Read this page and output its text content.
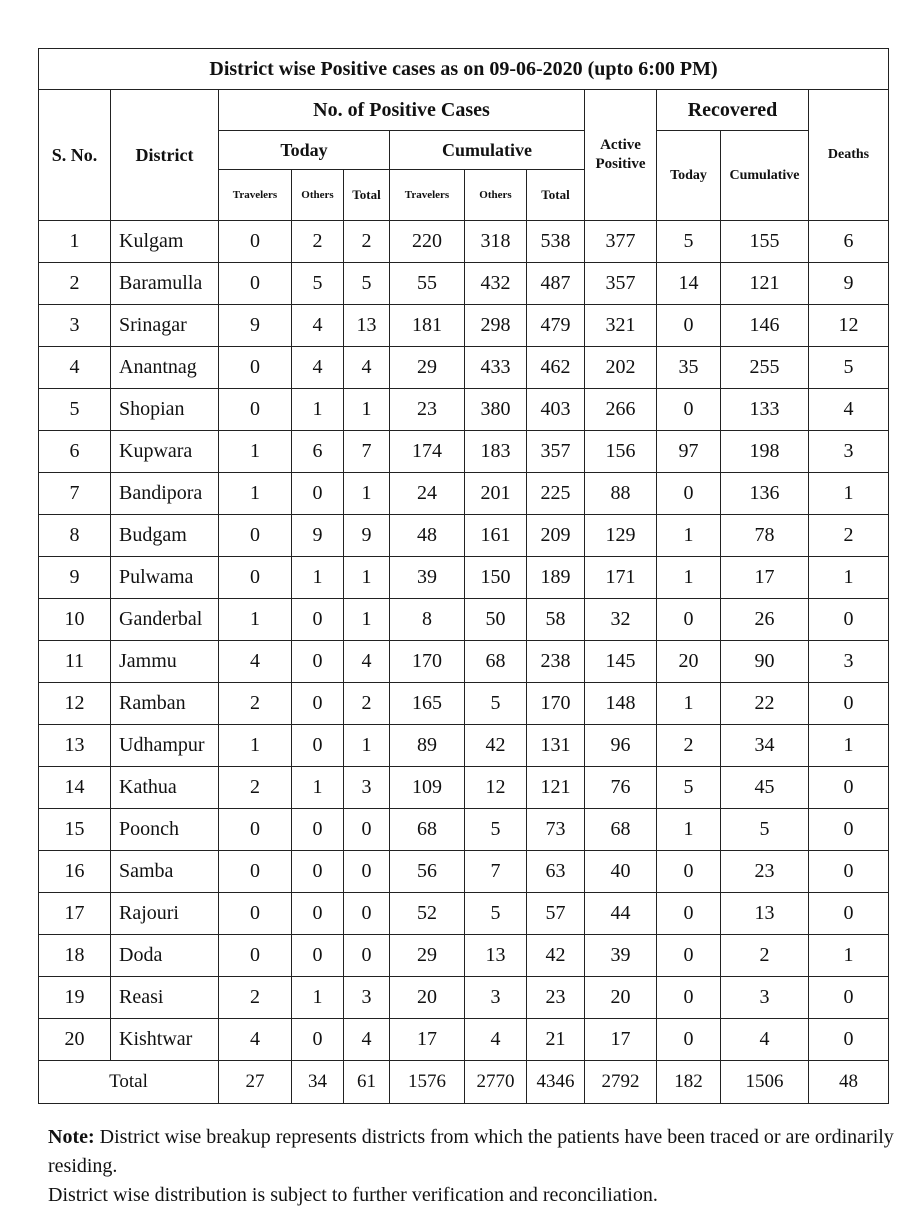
District wise Positive cases as on 09-06-2020 (upto 6:00 PM)											
S. No.	District	No. of Positive Cases						Active Positive	Recovered		Deaths
		Today			Cumulative				Today	Cumulative	
		Travelers	Others	Total	Travelers	Others	Total				
1	Kulgam	0	2	2	220	318	538	377	5	155	6
2	Baramulla	0	5	5	55	432	487	357	14	121	9
3	Srinagar	9	4	13	181	298	479	321	0	146	12
4	Anantnag	0	4	4	29	433	462	202	35	255	5
5	Shopian	0	1	1	23	380	403	266	0	133	4
6	Kupwara	1	6	7	174	183	357	156	97	198	3
7	Bandipora	1	0	1	24	201	225	88	0	136	1
8	Budgam	0	9	9	48	161	209	129	1	78	2
9	Pulwama	0	1	1	39	150	189	171	1	17	1
10	Ganderbal	1	0	1	8	50	58	32	0	26	0
11	Jammu	4	0	4	170	68	238	145	20	90	3
12	Ramban	2	0	2	165	5	170	148	1	22	0
13	Udhampur	1	0	1	89	42	131	96	2	34	1
14	Kathua	2	1	3	109	12	121	76	5	45	0
15	Poonch	0	0	0	68	5	73	68	1	5	0
16	Samba	0	0	0	56	7	63	40	0	23	0
17	Rajouri	0	0	0	52	5	57	44	0	13	0
18	Doda	0	0	0	29	13	42	39	0	2	1
19	Reasi	2	1	3	20	3	23	20	0	3	0
20	Kishtwar	4	0	4	17	4	21	17	0	4	0
Total		27	34	61	1576	2770	4346	2792	182	1506	48
Note: District wise breakup represents districts from which the patients have been traced or are ordinarily residing.
District wise distribution is subject to further verification and reconciliation.
